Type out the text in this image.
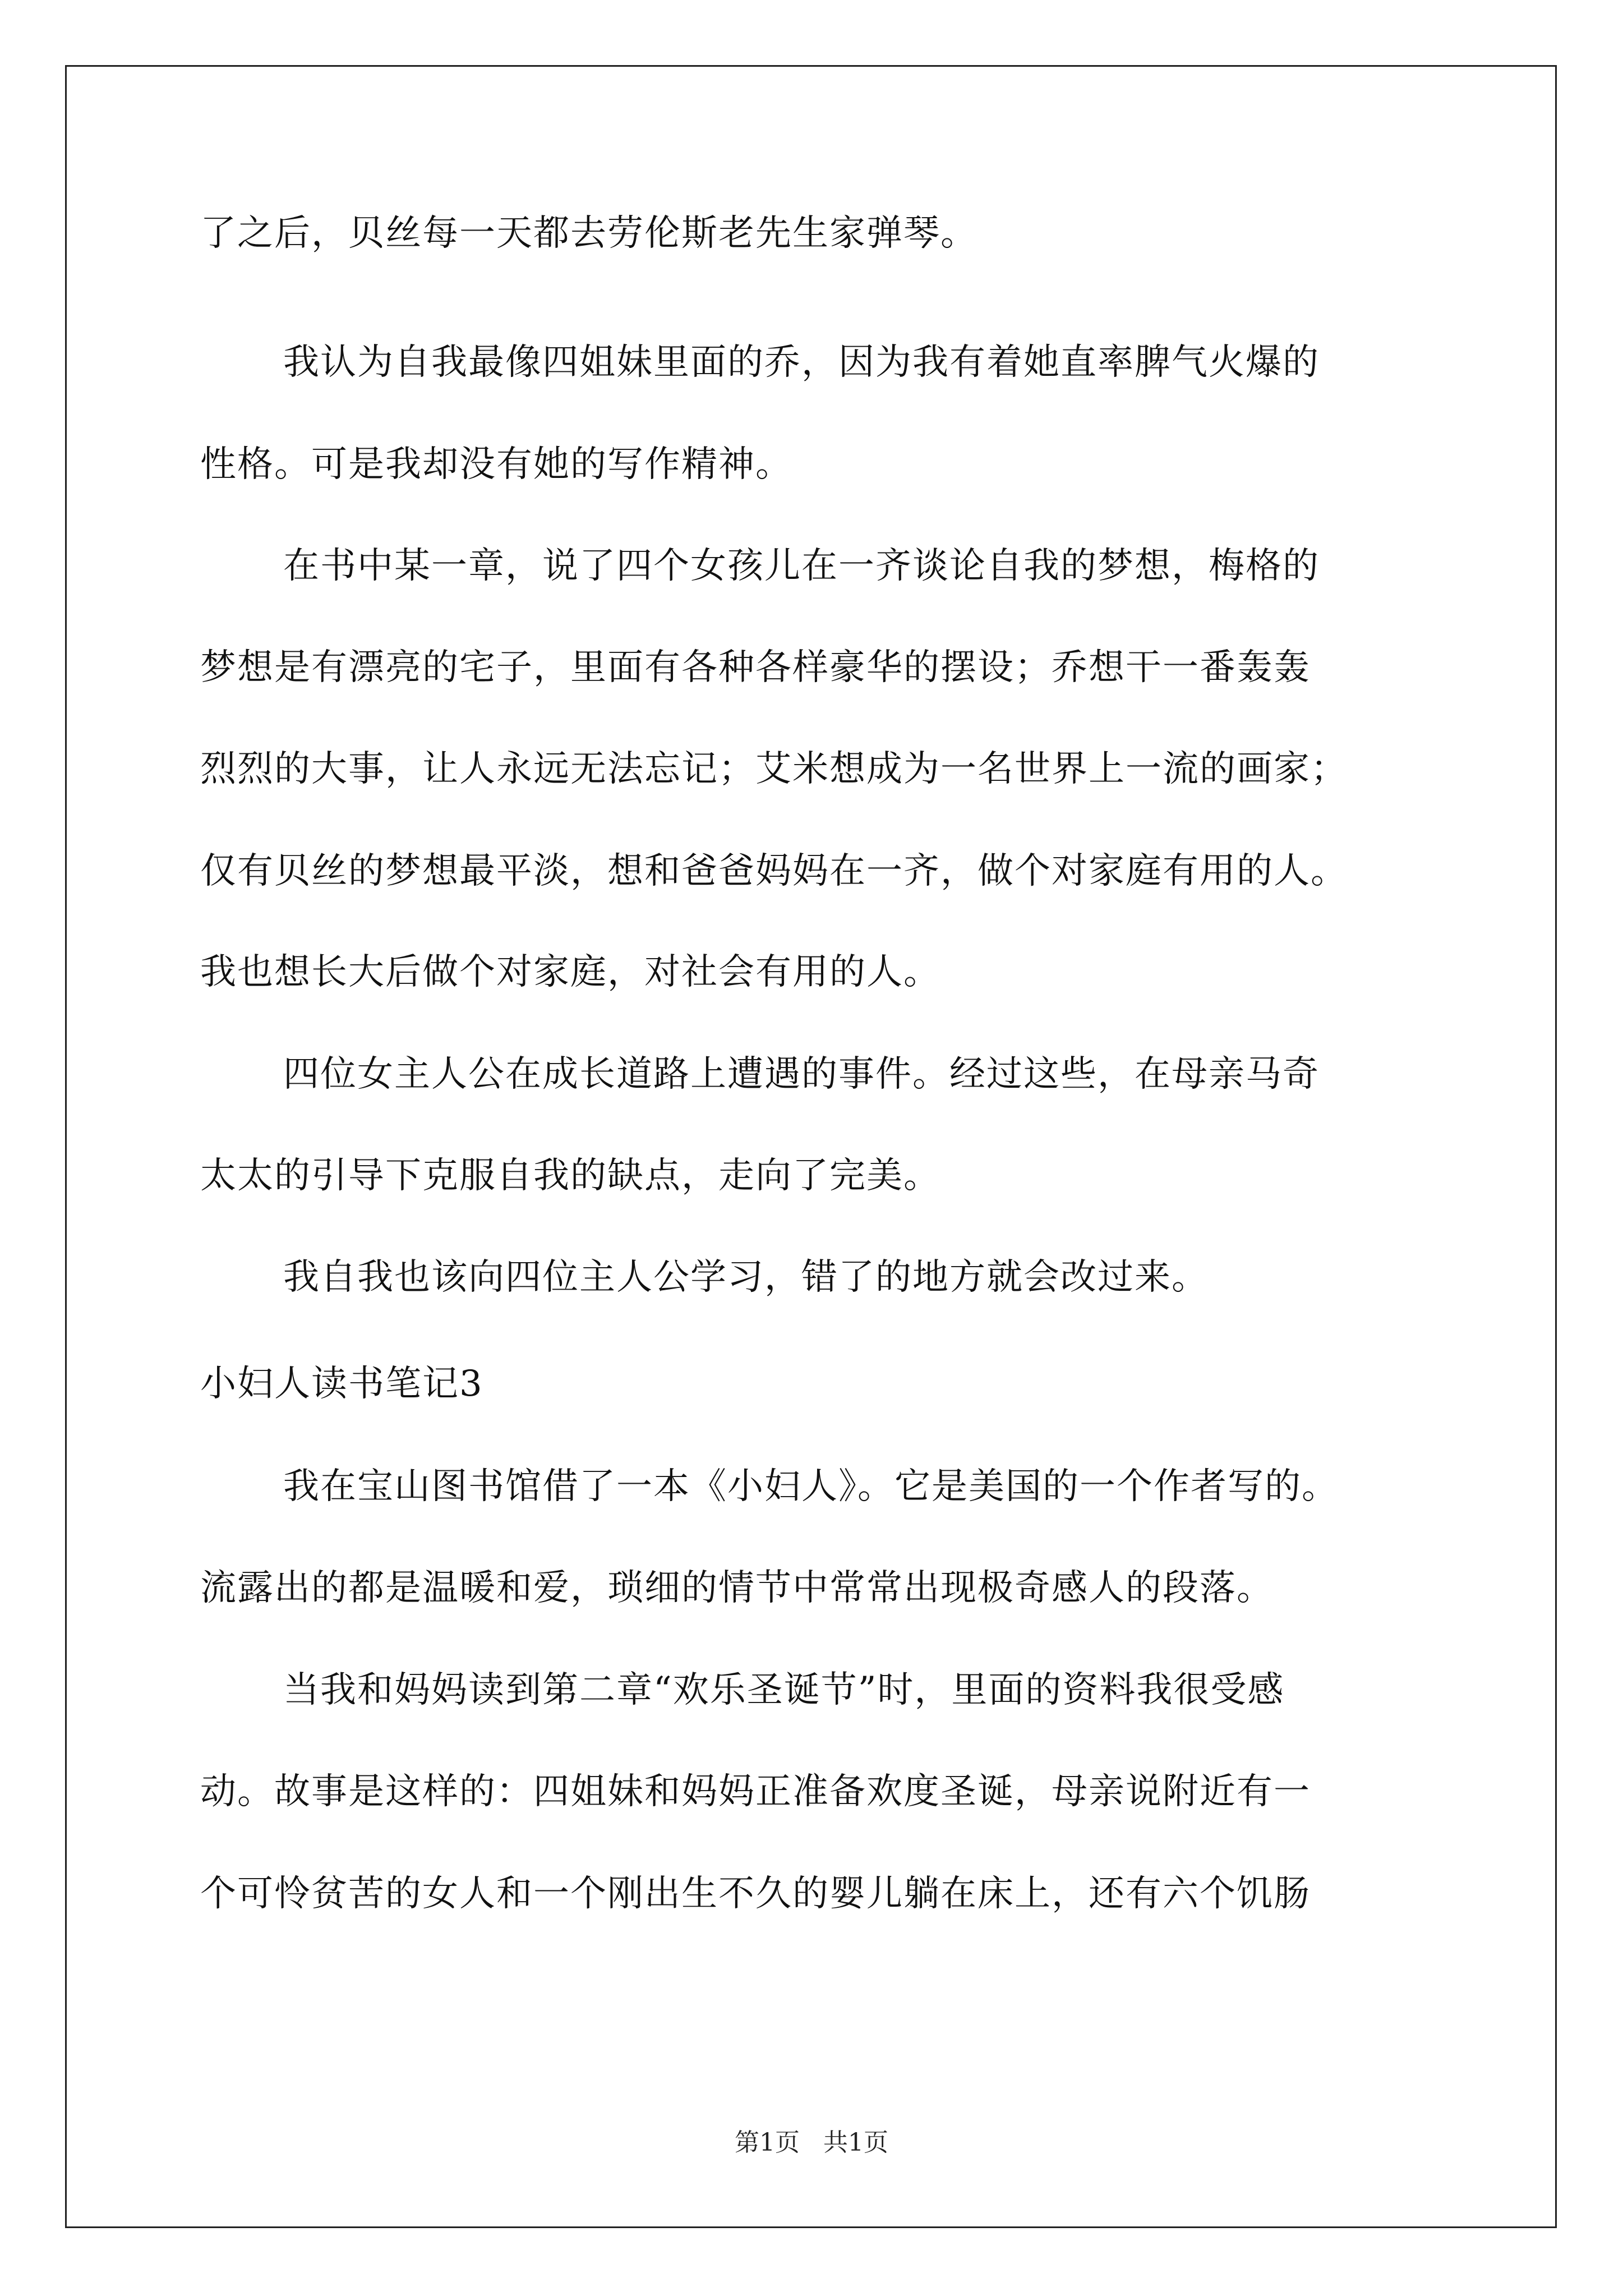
了之后，贝丝每一天都去劳伦斯老先生家弹琴。
我认为自我最像四姐妹里面的乔，因为我有着她直率脾气火爆的
性格。可是我却没有她的写作精神。
在书中某一章，说了四个女孩儿在一齐谈论自我的梦想，梅格的
梦想是有漂亮的宅子，里面有各种各样豪华的摆设；乔想干一番轰轰
烈烈的大事，让人永远无法忘记；艾米想成为一名世界上一流的画家；
仅有贝丝的梦想最平淡，想和爸爸妈妈在一齐，做个对家庭有用的人。
我也想长大后做个对家庭，对社会有用的人。
四位女主人公在成长道路上遭遇的事件。经过这些，在母亲马奇
太太的引导下克服自我的缺点，走向了完美。
我自我也该向四位主人公学习，错了的地方就会改过来。
小妇人读书笔记3
我在宝山图书馆借了一本《小妇人》。它是美国的一个作者写的。
流露出的都是温暖和爱，琐细的情节中常常出现极奇感人的段落。
当我和妈妈读到第二章“欢乐圣诞节”时，里面的资料我很受感
动。故事是这样的：四姐妹和妈妈正准备欢度圣诞，母亲说附近有一
个可怜贫苦的女人和一个刚出生不久的婴儿躺在床上，还有六个饥肠
第1页 共1页
